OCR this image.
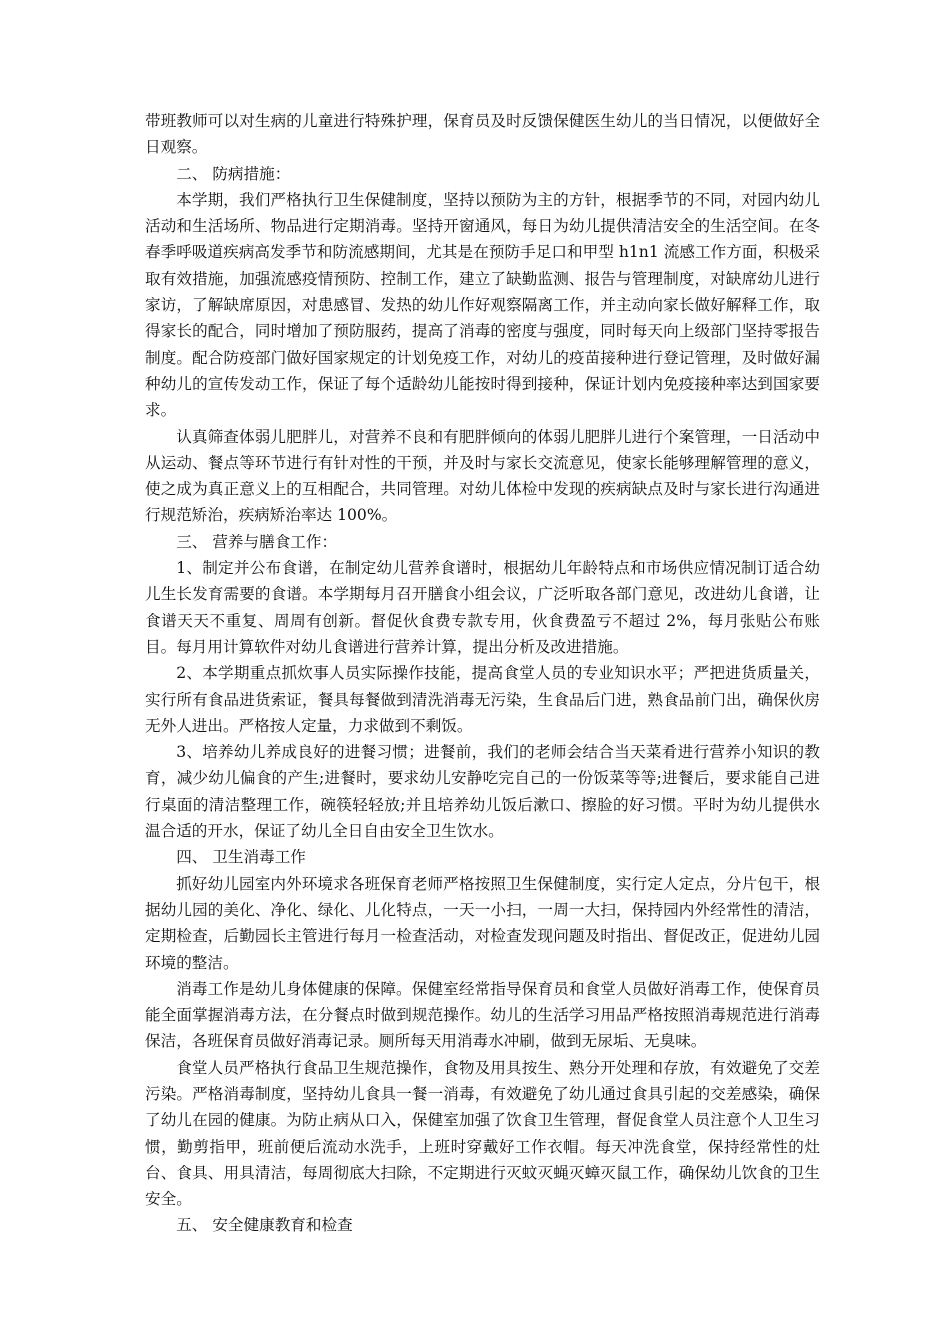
带班教师可以对生病的儿童进行特殊护理，保育员及时反馈保健医生幼儿的当日情况，以便做好全日观察。

二、 防病措施：

本学期，我们严格执行卫生保健制度，坚持以预防为主的方针，根据季节的不同，对园内幼儿活动和生活场所、物品进行定期消毒。坚持开窗通风，每日为幼儿提供清洁安全的生活空间。在冬春季呼吸道疾病高发季节和防流感期间，尤其是在预防手足口和甲型 h1n1 流感工作方面，积极采取有效措施，加强流感疫情预防、控制工作，建立了缺勤监测、报告与管理制度，对缺席幼儿进行家访，了解缺席原因，对患感冒、发热的幼儿作好观察隔离工作，并主动向家长做好解释工作，取得家长的配合，同时增加了预防服药，提高了消毒的密度与强度，同时每天向上级部门坚持零报告制度。配合防疫部门做好国家规定的计划免疫工作，对幼儿的疫苗接种进行登记管理，及时做好漏种幼儿的宣传发动工作，保证了每个适龄幼儿能按时得到接种，保证计划内免疫接种率达到国家要求。

认真筛查体弱儿肥胖儿，对营养不良和有肥胖倾向的体弱儿肥胖儿进行个案管理，一日活动中从运动、餐点等环节进行有针对性的干预，并及时与家长交流意见，使家长能够理解管理的意义，使之成为真正意义上的互相配合，共同管理。对幼儿体检中发现的疾病缺点及时与家长进行沟通进行规范矫治，疾病矫治率达 100%。

三、 营养与膳食工作：

1、制定并公布食谱，在制定幼儿营养食谱时，根据幼儿年龄特点和市场供应情况制订适合幼儿生长发育需要的食谱。本学期每月召开膳食小组会议，广泛听取各部门意见，改进幼儿食谱，让食谱天天不重复、周周有创新。督促伙食费专款专用，伙食费盈亏不超过 2%，每月张贴公布账目。每月用计算软件对幼儿食谱进行营养计算，提出分析及改进措施。

2、本学期重点抓炊事人员实际操作技能，提高食堂人员的专业知识水平；严把进货质量关，实行所有食品进货索证，餐具每餐做到清洗消毒无污染，生食品后门进，熟食品前门出，确保伙房无外人进出。严格按人定量，力求做到不剩饭。

3、培养幼儿养成良好的进餐习惯；进餐前，我们的老师会结合当天菜肴进行营养小知识的教育，减少幼儿偏食的产生;进餐时，要求幼儿安静吃完自己的一份饭菜等等;进餐后，要求能自己进行桌面的清洁整理工作，碗筷轻轻放;并且培养幼儿饭后漱口、擦脸的好习惯。平时为幼儿提供水温合适的开水，保证了幼儿全日自由安全卫生饮水。

四、 卫生消毒工作

抓好幼儿园室内外环境求各班保育老师严格按照卫生保健制度，实行定人定点，分片包干，根据幼儿园的美化、净化、绿化、儿化特点，一天一小扫，一周一大扫，保持园内外经常性的清洁，定期检查，后勤园长主管进行每月一检查活动，对检查发现问题及时指出、督促改正，促进幼儿园环境的整洁。

消毒工作是幼儿身体健康的保障。保健室经常指导保育员和食堂人员做好消毒工作，使保育员能全面掌握消毒方法，在分餐点时做到规范操作。幼儿的生活学习用品严格按照消毒规范进行消毒保洁，各班保育员做好消毒记录。厕所每天用消毒水冲刷，做到无尿垢、无臭味。

食堂人员严格执行食品卫生规范操作，食物及用具按生、熟分开处理和存放，有效避免了交差污染。严格消毒制度，坚持幼儿食具一餐一消毒，有效避免了幼儿通过食具引起的交差感染，确保了幼儿在园的健康。为防止病从口入，保健室加强了饮食卫生管理，督促食堂人员注意个人卫生习惯，勤剪指甲，班前便后流动水洗手，上班时穿戴好工作衣帽。每天冲洗食堂，保持经常性的灶台、食具、用具清洁，每周彻底大扫除，不定期进行灭蚊灭蝇灭蟑灭鼠工作，确保幼儿饮食的卫生安全。

五、 安全健康教育和检查
